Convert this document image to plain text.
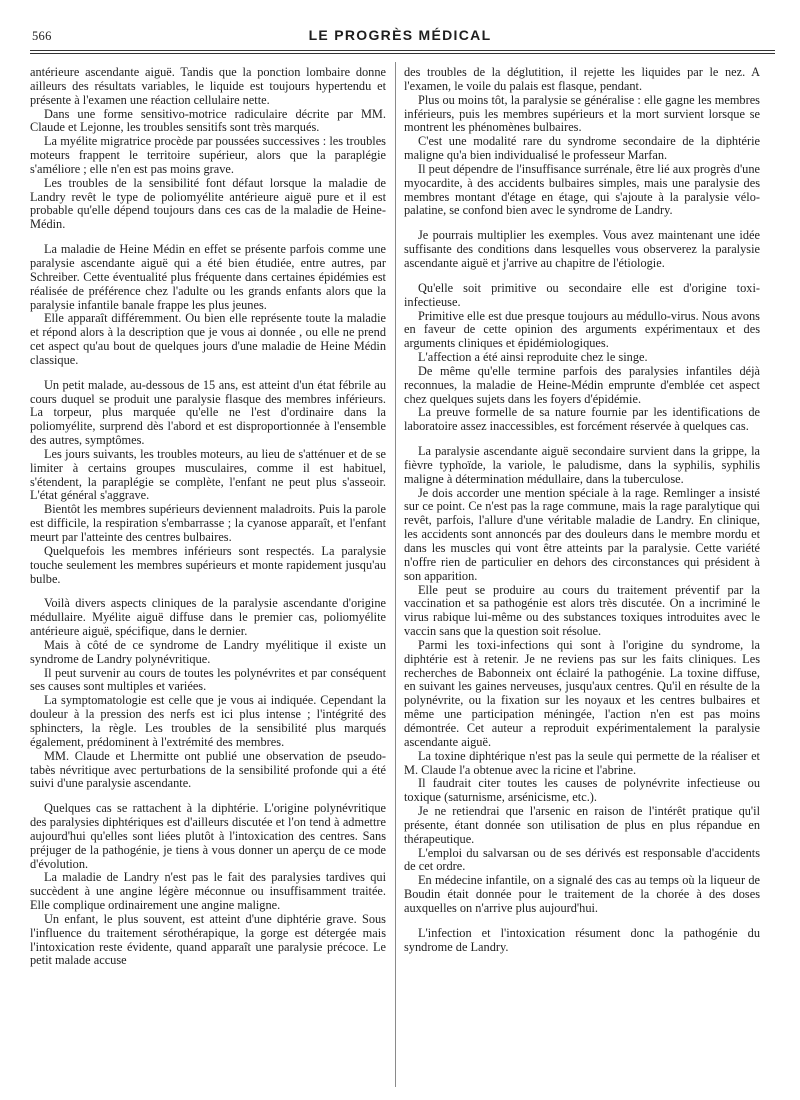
566	LE PROGRÈS MÉDICAL

antérieure ascendante aiguë. Tandis que la ponction lombaire donne ailleurs des résultats variables, le liquide est toujours hypertendu et présente à l'examen une réaction cellulaire nette.

Dans une forme sensitivo-motrice radiculaire décrite par MM. Claude et Lejonne, les troubles sensitifs sont très marqués.

La myélite migratrice procède par poussées successives : les troubles moteurs frappent le territoire supérieur, alors que la paraplégie s'améliore ; elle n'en est pas moins grave.

Les troubles de la sensibilité font défaut lorsque la maladie de Landry revêt le type de poliomyélite antérieure aiguë pure et il est probable qu'elle dépend toujours dans ces cas de la maladie de Heine-Médin.

La maladie de Heine Médin en effet se présente parfois comme une paralysie ascendante aiguë qui a été bien étudiée, entre autres, par Schreiber. Cette éventualité plus fréquente dans certaines épidémies est réalisée de préférence chez l'adulte ou les grands enfants alors que la paralysie infantile banale frappe les plus jeunes.

Elle apparaît différemment. Ou bien elle représente toute la maladie et répond alors à la description que je vous ai donnée , ou elle ne prend cet aspect qu'au bout de quelques jours d'une maladie de Heine Médin classique.

Un petit malade, au-dessous de 15 ans, est atteint d'un état fébrile au cours duquel se produit une paralysie flasque des membres inférieurs. La torpeur, plus marquée qu'elle ne l'est d'ordinaire dans la poliomyélite, surprend dès l'abord et est disproportionnée à l'ensemble des autres, symptômes.

Les jours suivants, les troubles moteurs, au lieu de s'atténuer et de se limiter à certains groupes musculaires, comme il est habituel, s'étendent, la paraplégie se complète, l'enfant ne peut plus s'asseoir. L'état général s'aggrave.

Bientôt les membres supérieurs deviennent maladroits. Puis la parole est difficile, la respiration s'embarrasse ; la cyanose apparaît, et l'enfant meurt par l'atteinte des centres bulbaires.

Quelquefois les membres inférieurs sont respectés. La paralysie touche seulement les membres supérieurs et monte rapidement jusqu'au bulbe.

Voilà divers aspects cliniques de la paralysie ascendante d'origine médullaire. Myélite aiguë diffuse dans le premier cas, poliomyélite antérieure aiguë, spécifique, dans le dernier.

Mais à côté de ce syndrome de Landry myélitique il existe un syndrome de Landry polynévritique.

Il peut survenir au cours de toutes les polynévrites et par conséquent ses causes sont multiples et variées.

La symptomatologie est celle que je vous ai indiquée. Cependant la douleur à la pression des nerfs est ici plus intense ; l'intégrité des sphincters, la règle. Les troubles de la sensibilité plus marqués également, prédominent à l'extrémité des membres.

MM. Claude et Lhermitte ont publié une observation de pseudo-tabès névritique avec perturbations de la sensibilité profonde qui a été suivi d'une paralysie ascendante.

Quelques cas se rattachent à la diphtérie. L'origine polynévritique des paralysies diphtériques est d'ailleurs discutée et l'on tend à admettre aujourd'hui qu'elles sont liées plutôt à l'intoxication des centres. Sans préjuger de la pathogénie, je tiens à vous donner un aperçu de ce mode d'évolution.

La maladie de Landry n'est pas le fait des paralysies tardives qui succèdent à une angine légère méconnue ou insuffisamment traitée. Elle complique ordinairement une angine maligne.

Un enfant, le plus souvent, est atteint d'une diphtérie grave. Sous l'influence du traitement sérothérapique, la gorge est détergée mais l'intoxication reste évidente, quand apparaît une paralysie précoce. Le petit malade accuse

des troubles de la déglutition, il rejette les liquides par le nez. A l'examen, le voile du palais est flasque, pendant.

Plus ou moins tôt, la paralysie se généralise : elle gagne les membres inférieurs, puis les membres supérieurs et la mort survient lorsque se montrent les phénomènes bulbaires.

C'est une modalité rare du syndrome secondaire de la diphtérie maligne qu'a bien individualisé le professeur Marfan.

Il peut dépendre de l'insuffisance surrénale, être lié aux progrès d'une myocardite, à des accidents bulbaires simples, mais une paralysie des membres montant d'étage en étage, qui s'ajoute à la paralysie vélo-palatine, se confond bien avec le syndrome de Landry.

Je pourrais multiplier les exemples. Vous avez maintenant une idée suffisante des conditions dans lesquelles vous observerez la paralysie ascendante aiguë et j'arrive au chapitre de l'étiologie.

Qu'elle soit primitive ou secondaire elle est d'origine toxi-infectieuse.

Primitive elle est due presque toujours au médullo-virus. Nous avons en faveur de cette opinion des arguments expérimentaux et des arguments cliniques et épidémiologiques.

L'affection a été ainsi reproduite chez le singe.

De même qu'elle termine parfois des paralysies infantiles déjà reconnues, la maladie de Heine-Médin emprunte d'emblée cet aspect chez quelques sujets dans les foyers d'épidémie.

La preuve formelle de sa nature fournie par les identifications de laboratoire assez inaccessibles, est forcément réservée à quelques cas.

La paralysie ascendante aiguë secondaire survient dans la grippe, la fièvre typhoïde, la variole, le paludisme, dans la syphilis, syphilis maligne à détermination médullaire, dans la tuberculose.

Je dois accorder une mention spéciale à la rage. Remlinger a insisté sur ce point. Ce n'est pas la rage commune, mais la rage paralytique qui revêt, parfois, l'allure d'une véritable maladie de Landry. En clinique, les accidents sont annoncés par des douleurs dans le membre mordu et dans les muscles qui vont être atteints par la paralysie. Cette variété n'offre rien de particulier en dehors des circonstances qui président à son apparition.

Elle peut se produire au cours du traitement préventif par la vaccination et sa pathogénie est alors très discutée. On a incriminé le virus rabique lui-même ou des substances toxiques introduites avec le vaccin sans que la question soit résolue.

Parmi les toxi-infections qui sont à l'origine du syndrome, la diphtérie est à retenir. Je ne reviens pas sur les faits cliniques. Les recherches de Babonneix ont éclairé la pathogénie. La toxine diffuse, en suivant les gaines nerveuses, jusqu'aux centres. Qu'il en résulte de la polynévrite, ou la fixation sur les noyaux et les centres bulbaires et même une participation méningée, l'action n'en est pas moins démontrée. Cet auteur a reproduit expérimentalement la paralysie ascendante aiguë.

La toxine diphtérique n'est pas la seule qui permette de la réaliser et M. Claude l'a obtenue avec la ricine et l'abrine.

Il faudrait citer toutes les causes de polynévrite infectieuse ou toxique (saturnisme, arsénicisme, etc.).

Je ne retiendrai que l'arsenic en raison de l'intérêt pratique qu'il présente, étant donnée son utilisation de plus en plus répandue en thérapeutique.

L'emploi du salvarsan ou de ses dérivés est responsable d'accidents de cet ordre.

En médecine infantile, on a signalé des cas au temps où la liqueur de Boudin était donnée pour le traitement de la chorée à des doses auxquelles on n'arrive plus aujourd'hui.

L'infection et l'intoxication résument donc la pathogénie du syndrome de Landry.
